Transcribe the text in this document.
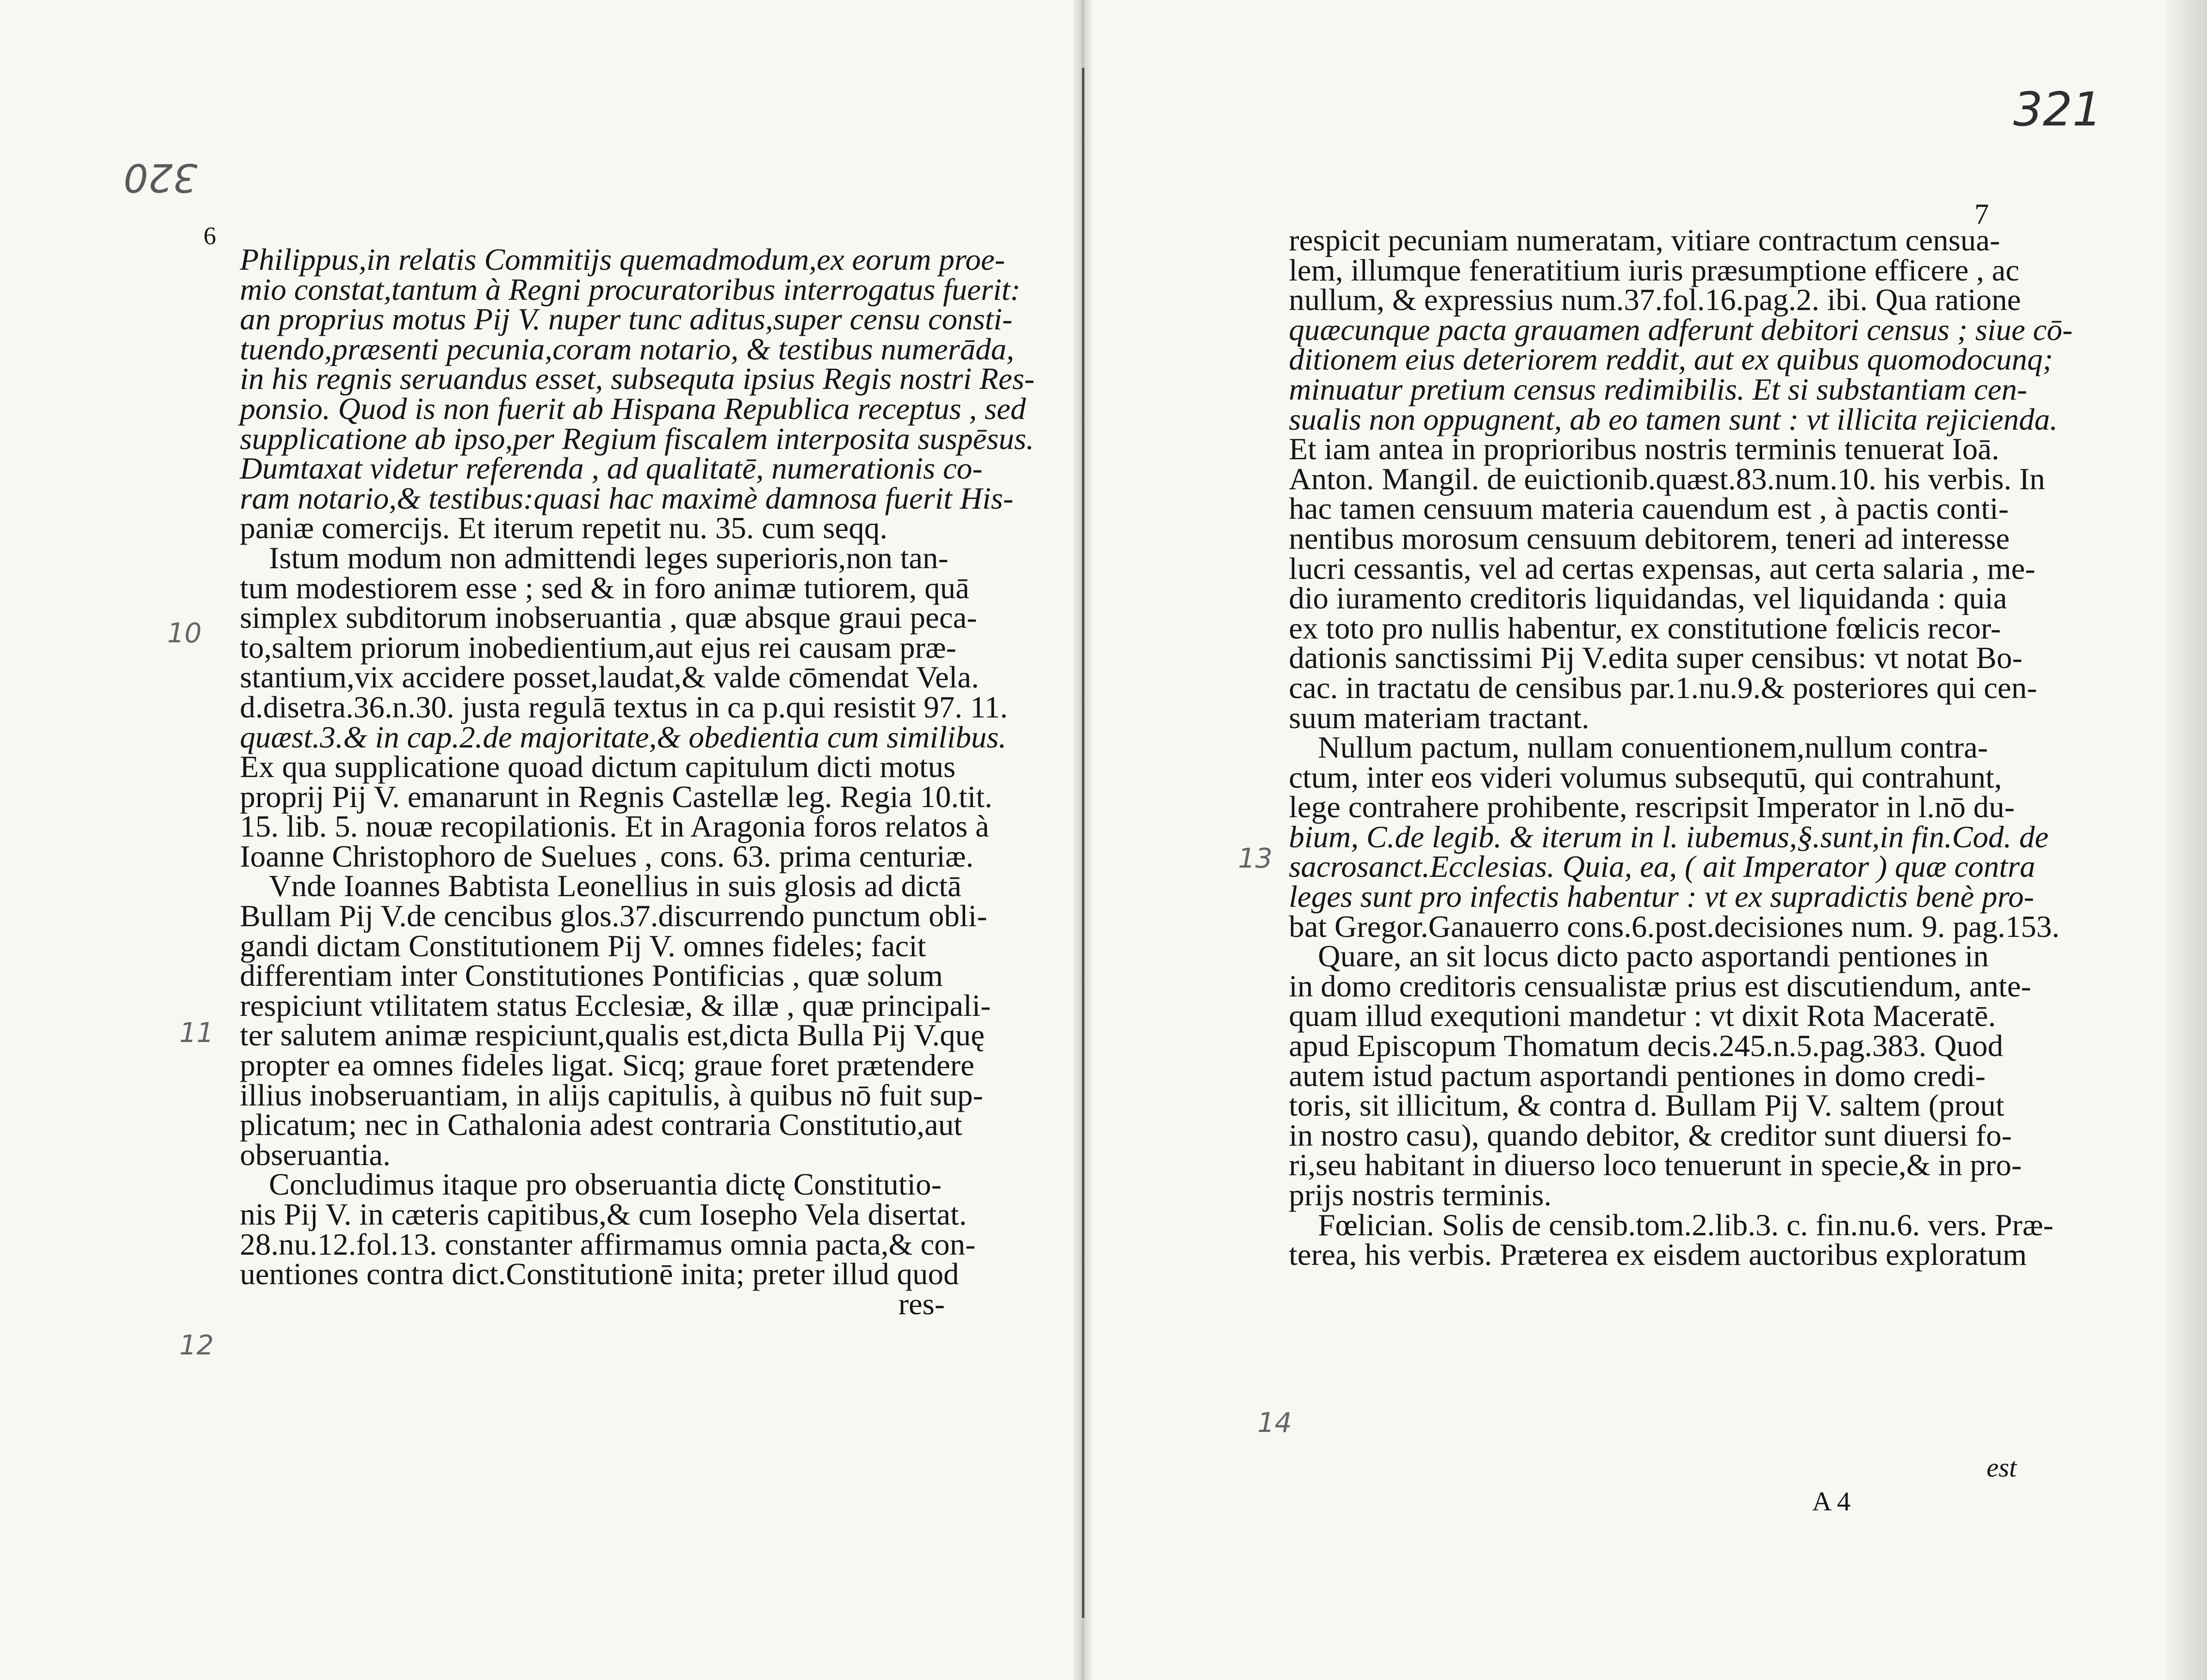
320
6
Philippus,in relatis Commitijs quemadmodum,ex eorum proe-
mio constat,tantum à Regni procuratoribus interrogatus fuerit:
an proprius motus Pij V. nuper tunc aditus,super censu consti-
tuendo,præsenti pecunia,coram notario, & testibus numerāda,
in his regnis seruandus esset, subsequta ipsius Regis nostri Res-
ponsio. Quod is non fuerit ab Hispana Republica receptus , sed
supplicatione ab ipso,per Regium fiscalem interposita suspēsus.
Dumtaxat videtur referenda , ad qualitatē, numerationis co-
ram notario,& testibus:quasi hac maximè damnosa fuerit His-
paniæ comercijs. Et iterum repetit nu. 35. cum seqq.
Istum modum non admittendi leges superioris,non tan-
tum modestiorem esse ; sed & in foro animæ tutiorem, quā
simplex subditorum inobseruantia , quæ absque graui peca-
to,saltem priorum inobedientium,aut ejus rei causam præ-
stantium,vix accidere posset,laudat,& valde cōmendat Vela.
d.disetra.36.n.30. justa regulā textus in ca p.qui resistit 97. 11.
quæst.3.& in cap.2.de majoritate,& obedientia cum similibus.
Ex qua supplicatione quoad dictum capitulum dicti motus
proprij Pij V. emanarunt in Regnis Castellæ leg. Regia 10.tit.
15. lib. 5. nouæ recopilationis. Et in Aragonia foros relatos à
Ioanne Christophoro de Suelues , cons. 63. prima centuriæ.
Vnde Ioannes Babtista Leonellius in suis glosis ad dictā
Bullam Pij V.de cencibus glos.37.discurrendo punctum obli-
gandi dictam Constitutionem Pij V. omnes fideles; facit
differentiam inter Constitutiones Pontificias , quæ solum
respiciunt vtilitatem status Ecclesiæ, & illæ , quæ principali-
ter salutem animæ respiciunt,qualis est,dicta Bulla Pij V.quę
propter ea omnes fideles ligat. Sicq; graue foret prætendere
illius inobseruantiam, in alijs capitulis, à quibus nō fuit sup-
plicatum; nec in Cathalonia adest contraria Constitutio,aut
obseruantia.
Concludimus itaque pro obseruantia dictę Constitutio-
nis Pij V. in cæteris capitibus,& cum Iosepho Vela disertat.
28.nu.12.fol.13. constanter affirmamus omnia pacta,& con-
uentiones contra dict.Constitutionē inita; preter illud quod
res-
10
11
12
321
7
respicit pecuniam numeratam, vitiare contractum censua-
lem, illumque feneratitium iuris præsumptione efficere , ac
nullum, & expressius num.37.fol.16.pag.2. ibi. Qua ratione
quæcunque pacta grauamen adferunt debitori census ; siue cō-
ditionem eius deteriorem reddit, aut ex quibus quomodocunq;
minuatur pretium census redimibilis. Et si substantiam cen-
sualis non oppugnent, ab eo tamen sunt : vt illicita rejicienda.
Et iam antea in proprioribus nostris terminis tenuerat Ioā.
Anton. Mangil. de euictionib.quæst.83.num.10. his verbis. In
hac tamen censuum materia cauendum est , à pactis conti-
nentibus morosum censuum debitorem, teneri ad interesse
lucri cessantis, vel ad certas expensas, aut certa salaria , me-
dio iuramento creditoris liquidandas, vel liquidanda : quia
ex toto pro nullis habentur, ex constitutione fœlicis recor-
dationis sanctissimi Pij V.edita super censibus: vt notat Bo-
cac. in tractatu de censibus par.1.nu.9.& posteriores qui cen-
suum materiam tractant.
Nullum pactum, nullam conuentionem,nullum contra-
ctum, inter eos videri volumus subsequtū, qui contrahunt,
lege contrahere prohibente, rescripsit Imperator in l.nō du-
bium, C.de legib. & iterum in l. iubemus,§.sunt,in fin.Cod. de
sacrosanct.Ecclesias. Quia, ea, ( ait Imperator ) quæ contra
leges sunt pro infectis habentur : vt ex supradictis benè pro-
bat Gregor.Ganauerro cons.6.post.decisiones num. 9. pag.153.
Quare, an sit locus dicto pacto asportandi pentiones in
in domo creditoris censualistæ prius est discutiendum, ante-
quam illud exequtioni mandetur : vt dixit Rota Maceratē.
apud Episcopum Thomatum decis.245.n.5.pag.383. Quod
autem istud pactum asportandi pentiones in domo credi-
toris, sit illicitum, & contra d. Bullam Pij V. saltem (prout
in nostro casu), quando debitor, & creditor sunt diuersi fo-
ri,seu habitant in diuerso loco tenuerunt in specie,& in pro-
prijs nostris terminis.
Fœlician. Solis de censib.tom.2.lib.3. c. fin.nu.6. vers. Præ-
terea, his verbis. Præterea ex eisdem auctoribus exploratum
A 4
est
13
14
